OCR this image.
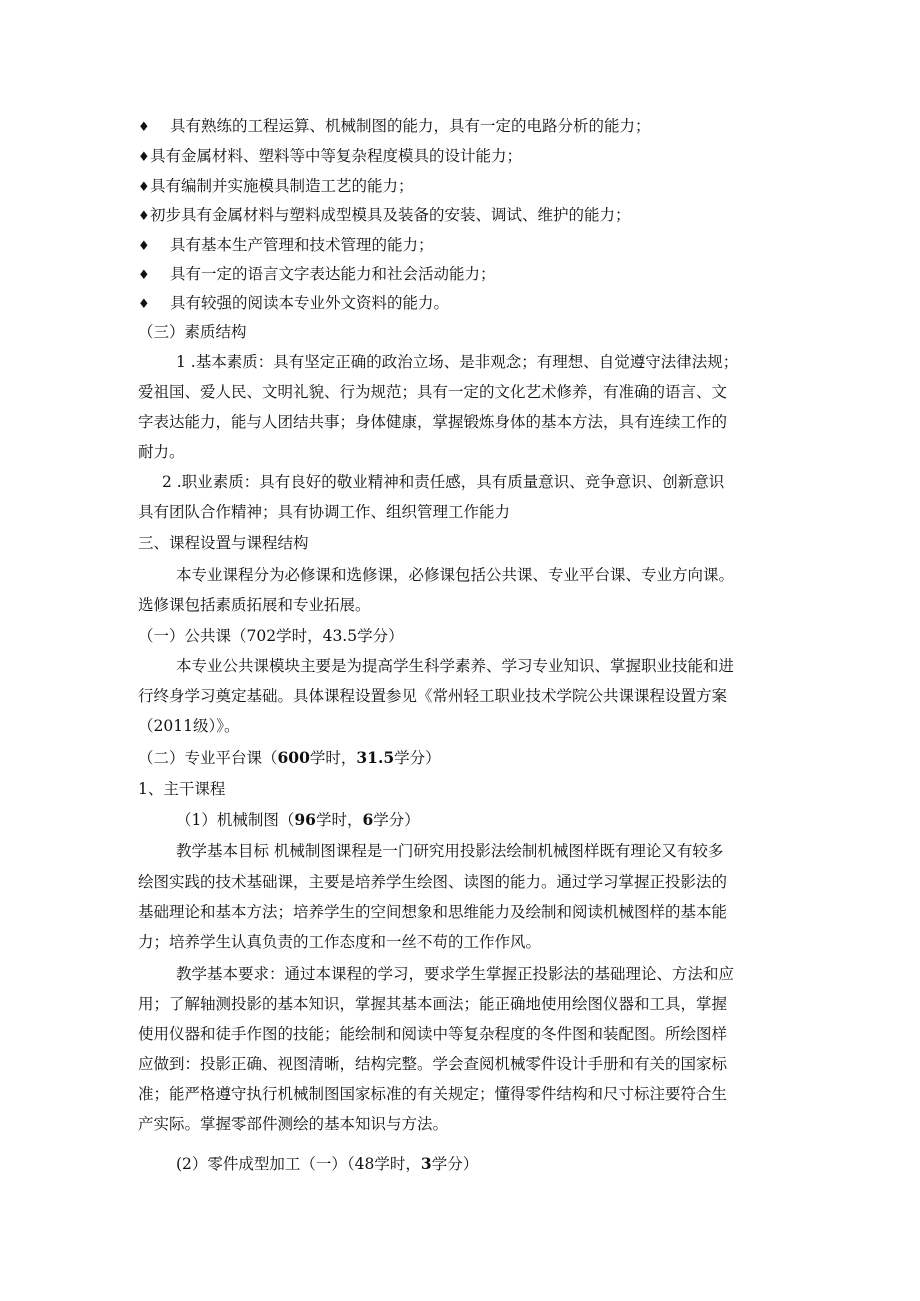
♦ 具有熟练的工程运算、机械制图的能力，具有一定的电路分析的能力；
♦具有金属材料、塑料等中等复杂程度模具的设计能力；
♦具有编制并实施模具制造工艺的能力；
♦初步具有金属材料与塑料成型模具及装备的安装、调试、维护的能力；
♦ 具有基本生产管理和技术管理的能力；
♦ 具有一定的语言文字表达能力和社会活动能力；
♦ 具有较强的阅读本专业外文资料的能力。
（三）素质结构
1 .基本素质：具有坚定正确的政治立场、是非观念；有理想、自觉遵守法律法规；
爱祖国、爱人民、文明礼貌、行为规范；具有一定的文化艺术修养，有准确的语言、文
字表达能力，能与人团结共事；身体健康，掌握锻炼身体的基本方法，具有连续工作的
耐力。
2 .职业素质：具有良好的敬业精神和责任感，具有质量意识、竞争意识、创新意识
具有团队合作精神；具有协调工作、组织管理工作能力
三、课程设置与课程结构
本专业课程分为必修课和选修课，必修课包括公共课、专业平台课、专业方向课。
选修课包括素质拓展和专业拓展。
（一）公共课（702学时，43.5学分）
本专业公共课模块主要是为提高学生科学素养、学习专业知识、掌握职业技能和进
行终身学习奠定基础。具体课程设置参见《常州轻工职业技术学院公共课课程设置方案
（2011级）》。
（二）专业平台课（600学时，31.5学分）
1、主干课程
（1）机械制图（96学时，6学分）
教学基本目标 机械制图课程是一门研究用投影法绘制机械图样既有理论又有较多
绘图实践的技术基础课，主要是培养学生绘图、读图的能力。通过学习掌握正投影法的
基础理论和基本方法；培养学生的空间想象和思维能力及绘制和阅读机械图样的基本能
力；培养学生认真负责的工作态度和一丝不苟的工作作风。
教学基本要求：通过本课程的学习，要求学生掌握正投影法的基础理论、方法和应
用；了解轴测投影的基本知识，掌握其基本画法；能正确地使用绘图仪器和工具，掌握
使用仪器和徒手作图的技能；能绘制和阅读中等复杂程度的冬件图和装配图。所绘图样
应做到：投影正确、视图清晰，结构完整。学会查阅机械零件设计手册和有关的国家标
准；能严格遵守执行机械制图国家标准的有关规定；懂得零件结构和尺寸标注要符合生
产实际。掌握零部件测绘的基本知识与方法。
(2）零件成型加工（一）（48学时，3学分）
